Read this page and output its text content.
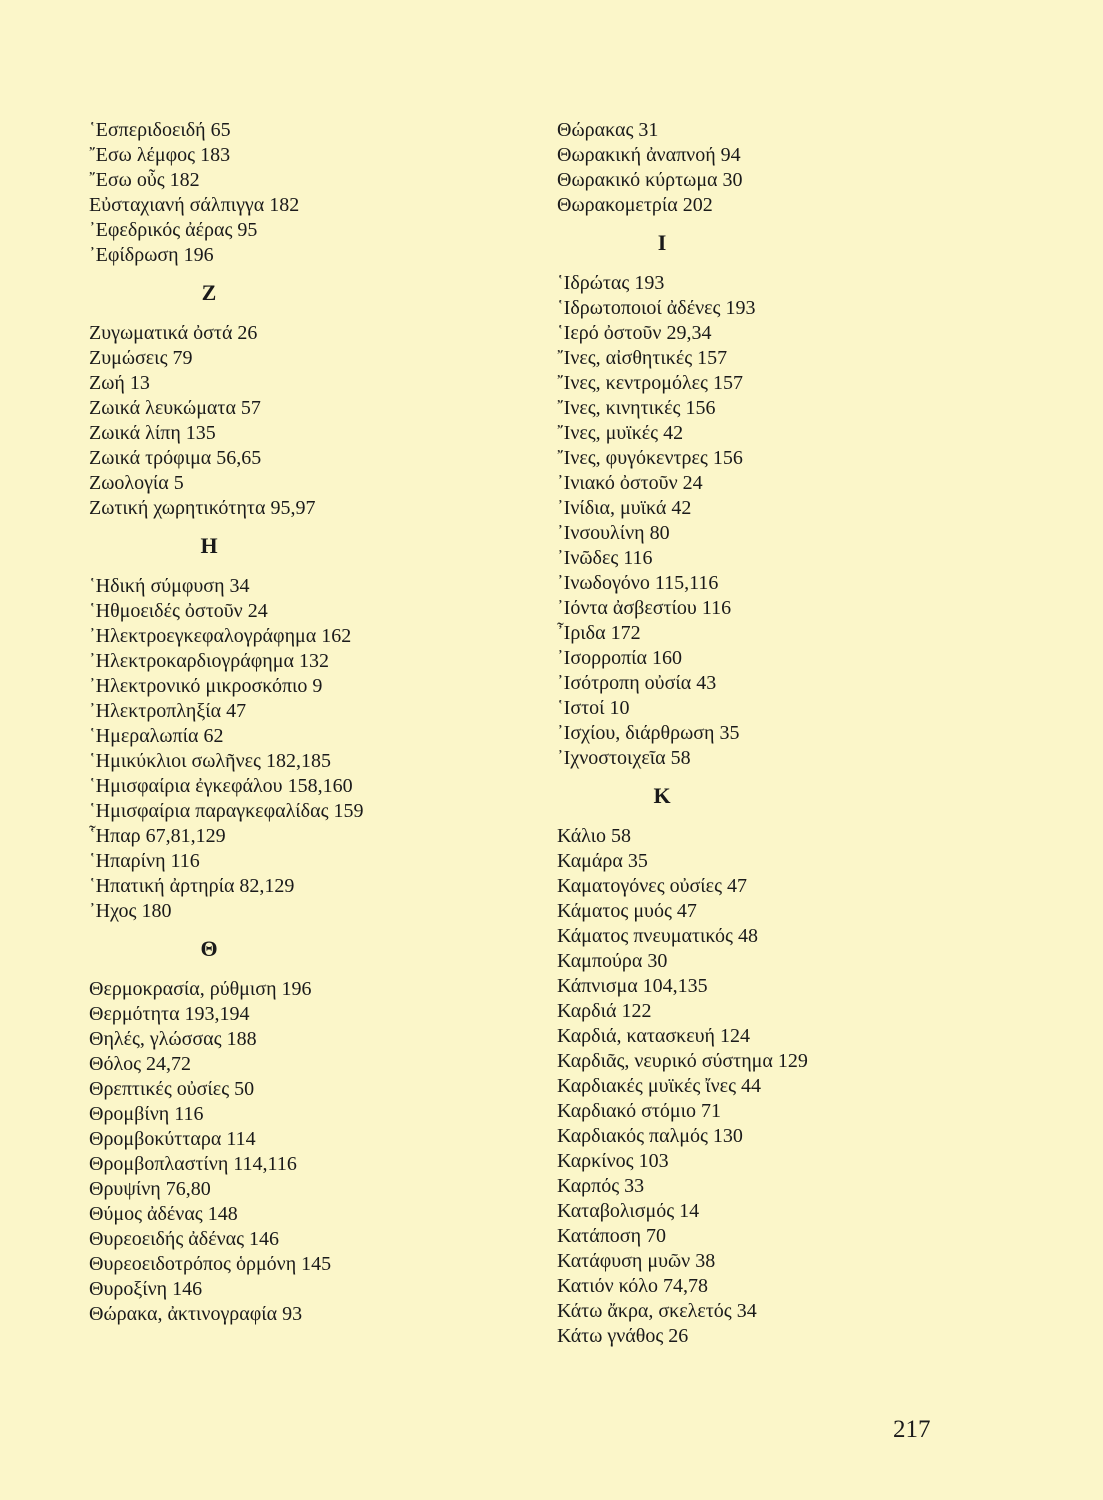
῾Εσπεριδοειδή 65
῎Εσω λέμφος 183
῎Εσω οὖς 182
Εὐσταχιανή σάλπιγγα 182
᾽Εφεδρικός ἀέρας 95
᾽Εφίδρωση 196
Z
Ζυγωματικά ὀστά 26
Ζυμώσεις 79
Ζωή 13
Ζωικά λευκώματα 57
Ζωικά λίπη 135
Ζωικά τρόφιμα 56,65
Ζωολογία 5
Ζωτική χωρητικότητα 95,97
H
῾Ηδική σύμφυση 34
῾Ηθμοειδές ὀστοῦν 24
᾽Ηλεκτροεγκεφαλογράφημα 162
᾽Ηλεκτροκαρδιογράφημα 132
᾽Ηλεκτρονικό μικροσκόπιο 9
᾽Ηλεκτροπληξία 47
῾Ημεραλωπία 62
῾Ημικύκλιοι σωλῆνες 182,185
῾Ημισφαίρια ἐγκεφάλου 158,160
῾Ημισφαίρια παραγκεφαλίδας 159
῟Ηπαρ 67,81,129
῾Ηπαρίνη 116
῾Ηπατική ἀρτηρία 82,129
᾽Ηχος 180
Θ
Θερμοκρασία, ρύθμιση 196
Θερμότητα 193,194
Θηλές, γλώσσας 188
Θόλος 24,72
Θρεπτικές οὐσίες 50
Θρομβίνη 116
Θρομβοκύτταρα 114
Θρομβοπλαστίνη 114,116
Θρυψίνη 76,80
Θύμος ἀδένας 148
Θυρεοειδής ἀδένας 146
Θυρεοειδοτρόπος ὁρμόνη 145
Θυροξίνη 146
Θώρακα, ἀκτινογραφία 93
Θώρακας 31
Θωρακική ἀναπνοή 94
Θωρακικό κύρτωμα 30
Θωρακομετρία 202
I
῾Ιδρώτας 193
῾Ιδρωτοποιοί ἀδένες 193
῾Ιερό ὀστοῦν 29,34
῎Ινες, αἰσθητικές 157
῎Ινες, κεντρομόλες 157
῎Ινες, κινητικές 156
῎Ινες, μυϊκές 42
῎Ινες, φυγόκεντρες 156
᾽Ινιακό ὀστοῦν 24
᾽Ινίδια, μυϊκά 42
᾽Ινσουλίνη 80
᾽Ινῶδες 116
᾽Ινωδογόνο 115,116
᾽Ιόντα ἀσβεστίου 116
῏Ιριδα 172
᾽Ισορροπία 160
᾽Ισότροπη οὐσία 43
῾Ιστοί 10
᾽Ισχίου, διάρθρωση 35
᾽Ιχνοστοιχεῖα 58
K
Κάλιο 58
Καμάρα 35
Καματογόνες οὐσίες 47
Κάματος μυός 47
Κάματος πνευματικός 48
Καμπούρα 30
Κάπνισμα 104,135
Καρδιά 122
Καρδιά, κατασκευή 124
Καρδιᾶς, νευρικό σύστημα 129
Καρδιακές μυϊκές ἴνες 44
Καρδιακό στόμιο 71
Καρδιακός παλμός 130
Καρκίνος 103
Καρπός 33
Καταβολισμός 14
Κατάποση 70
Κατάφυση μυῶν 38
Κατιόν κόλο 74,78
Κάτω ἄκρα, σκελετός 34
Κάτω γνάθος 26
217
